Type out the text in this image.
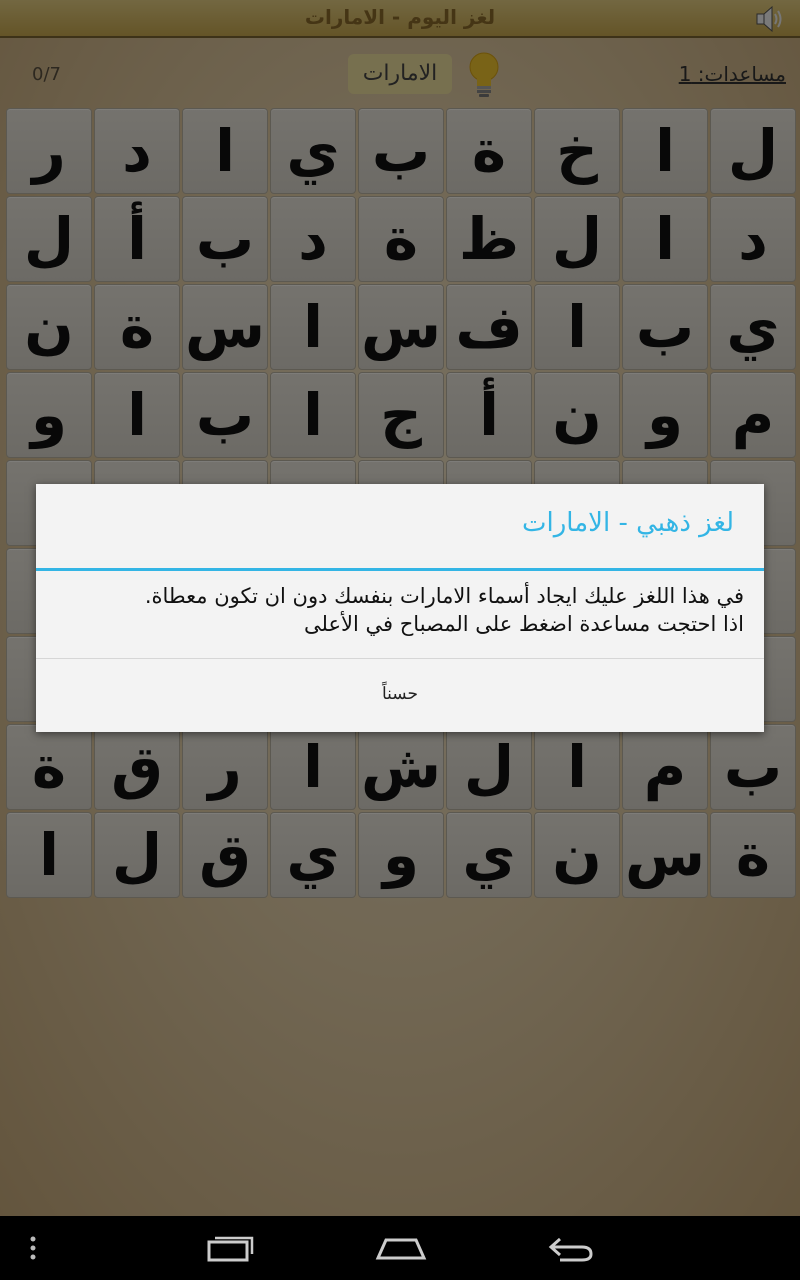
لغز ذهبي - الامارات
في هذا اللغز عليك ايجاد أسماء الامارات بنفسك دون ان تكون معطاة.
اذا احتجت مساعدة اضغط على المصباح في الأعلى
حسناً
